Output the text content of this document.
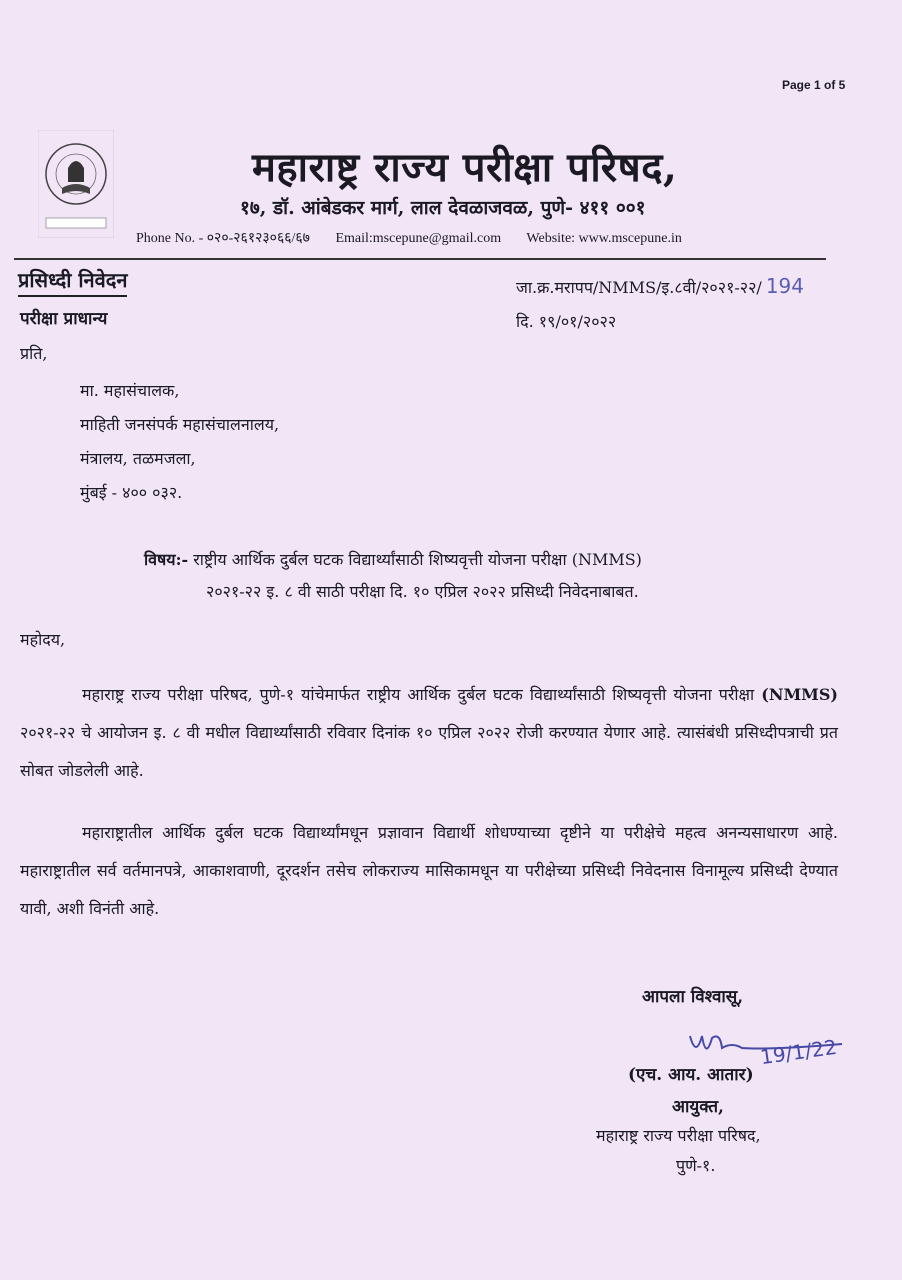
Page 1 of 5
महाराष्ट्र राज्य परीक्षा परिषद,
१७, डॉ. आंबेडकर मार्ग, लाल देवळाजवळ, पुणे- ४११ ००१
Phone No. - ०२०-२६१२३०६६/६७ Email:mscepune@gmail.com Website: www.mscepune.in
प्रसिध्दी निवेदन	जा.क्र.मरापप/NMMS/इ.८वी/२०२१-२२/ 194
परीक्षा प्राधान्य	दि. १९/०१/२०२२
प्रति,
मा. महासंचालक,
माहिती जनसंपर्क महासंचालनालय,
मंत्रालय, तळमजला,
मुंबई - ४०० ०३२.
विषय:- राष्ट्रीय आर्थिक दुर्बल घटक विद्यार्थ्यांसाठी शिष्यवृत्ती योजना परीक्षा (NMMS)
२०२१-२२ इ. ८ वी साठी परीक्षा दि. १० एप्रिल २०२२ प्रसिध्दी निवेदनाबाबत.
महोदय,
महाराष्ट्र राज्य परीक्षा परिषद, पुणे-१ यांचेमार्फत राष्ट्रीय आर्थिक दुर्बल घटक विद्यार्थ्यांसाठी शिष्यवृत्ती योजना परीक्षा (NMMS) २०२१-२२ चे आयोजन इ. ८ वी मधील विद्यार्थ्यांसाठी रविवार दिनांक १० एप्रिल २०२२ रोजी करण्यात येणार आहे. त्यासंबंधी प्रसिध्दीपत्राची प्रत सोबत जोडलेली आहे.
महाराष्ट्रातील आर्थिक दुर्बल घटक विद्यार्थ्यांमधून प्रज्ञावान विद्यार्थी शोधण्याच्या दृष्टीने या परीक्षेचे महत्व अनन्यसाधारण आहे. महाराष्ट्रातील सर्व वर्तमानपत्रे, आकाशवाणी, दूरदर्शन तसेच लोकराज्य मासिकामधून या परीक्षेच्या प्रसिध्दी निवेदनास विनामूल्य प्रसिध्दी देण्यात यावी, अशी विनंती आहे.
आपला विश्वासू,
19/1/22
(एच. आय. आतार)
आयुक्त,
महाराष्ट्र राज्य परीक्षा परिषद,
पुणे-१.
